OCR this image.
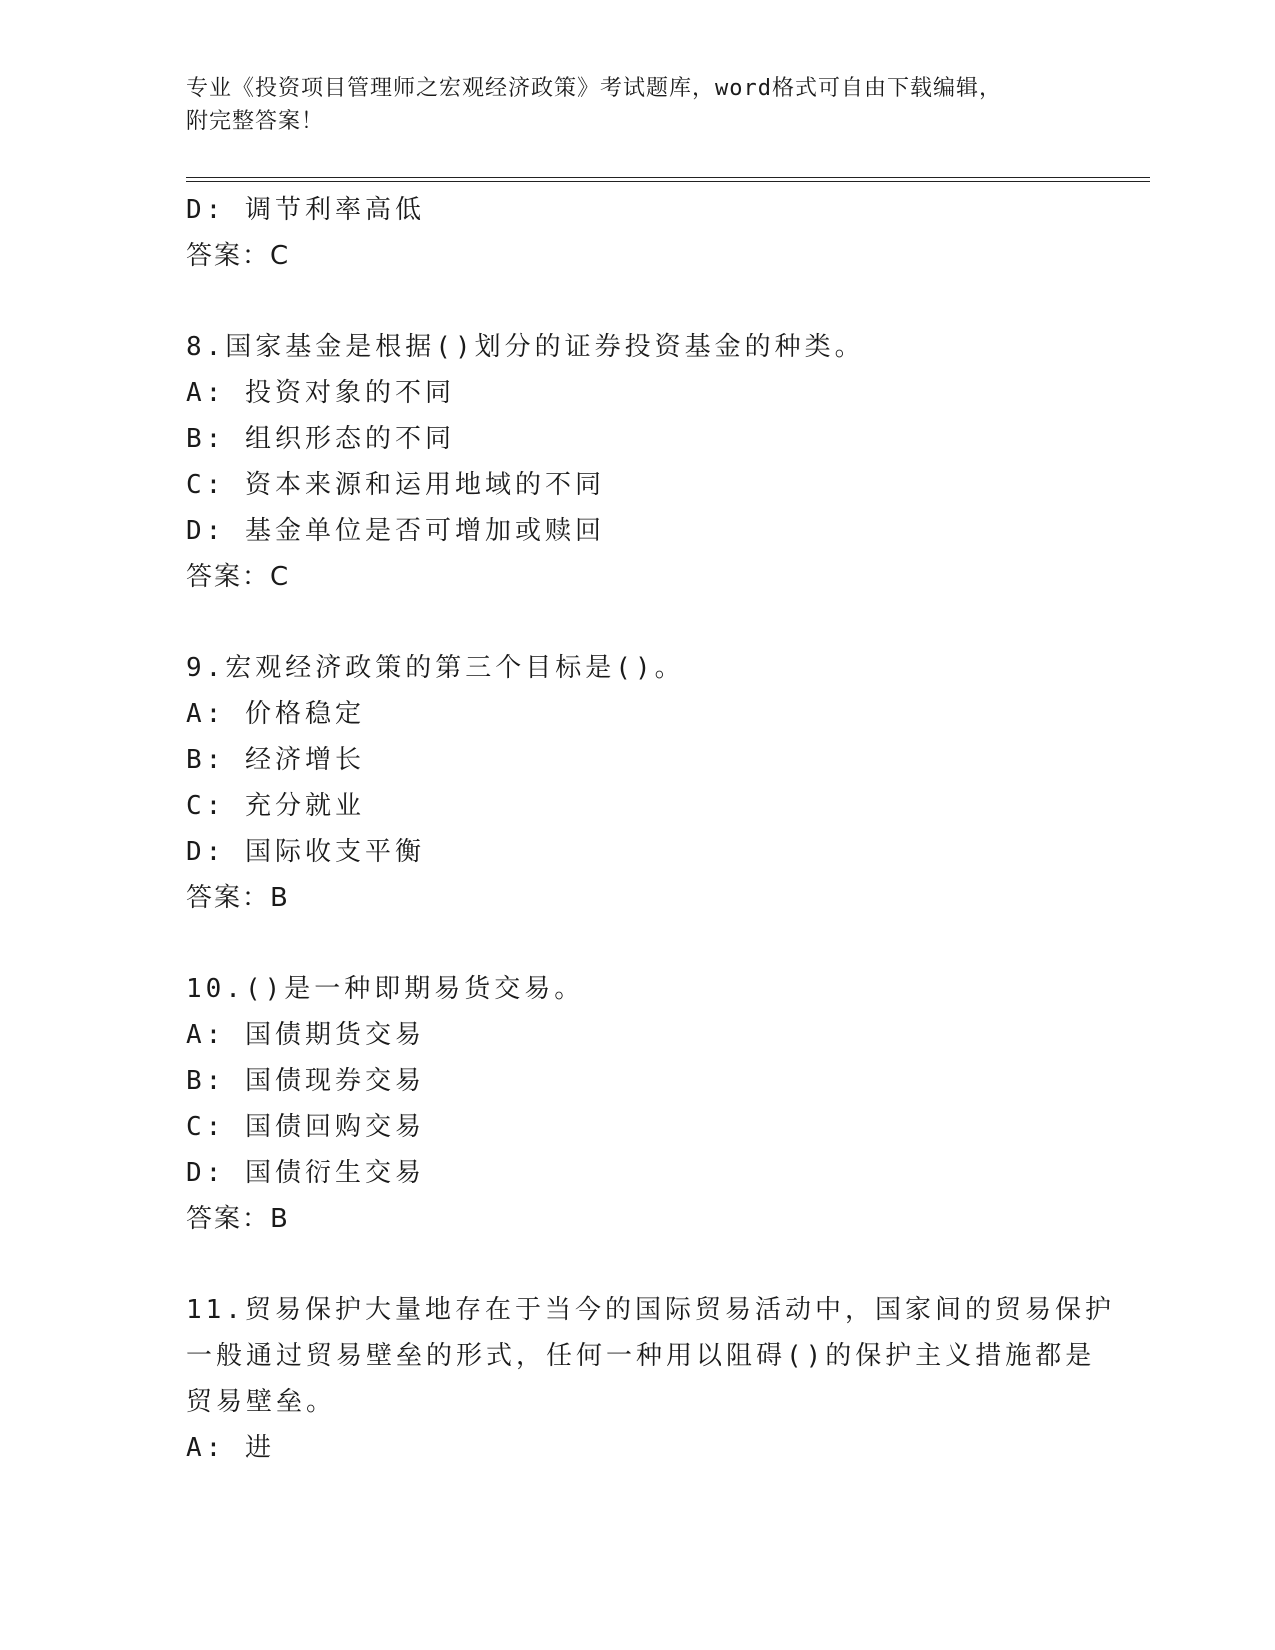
专业《投资项目管理师之宏观经济政策》考试题库，word格式可自由下载编辑，
附完整答案！
D: 调节利率高低
答案：C
8.国家基金是根据()划分的证券投资基金的种类。
A: 投资对象的不同
B: 组织形态的不同
C: 资本来源和运用地域的不同
D: 基金单位是否可增加或赎回
答案：C
9.宏观经济政策的第三个目标是()。
A: 价格稳定
B: 经济增长
C: 充分就业
D: 国际收支平衡
答案：B
10.()是一种即期易货交易。
A: 国债期货交易
B: 国债现券交易
C: 国债回购交易
D: 国债衍生交易
答案：B
11.贸易保护大量地存在于当今的国际贸易活动中，国家间的贸易保护
一般通过贸易壁垒的形式，任何一种用以阻碍()的保护主义措施都是
贸易壁垒。
A: 进
